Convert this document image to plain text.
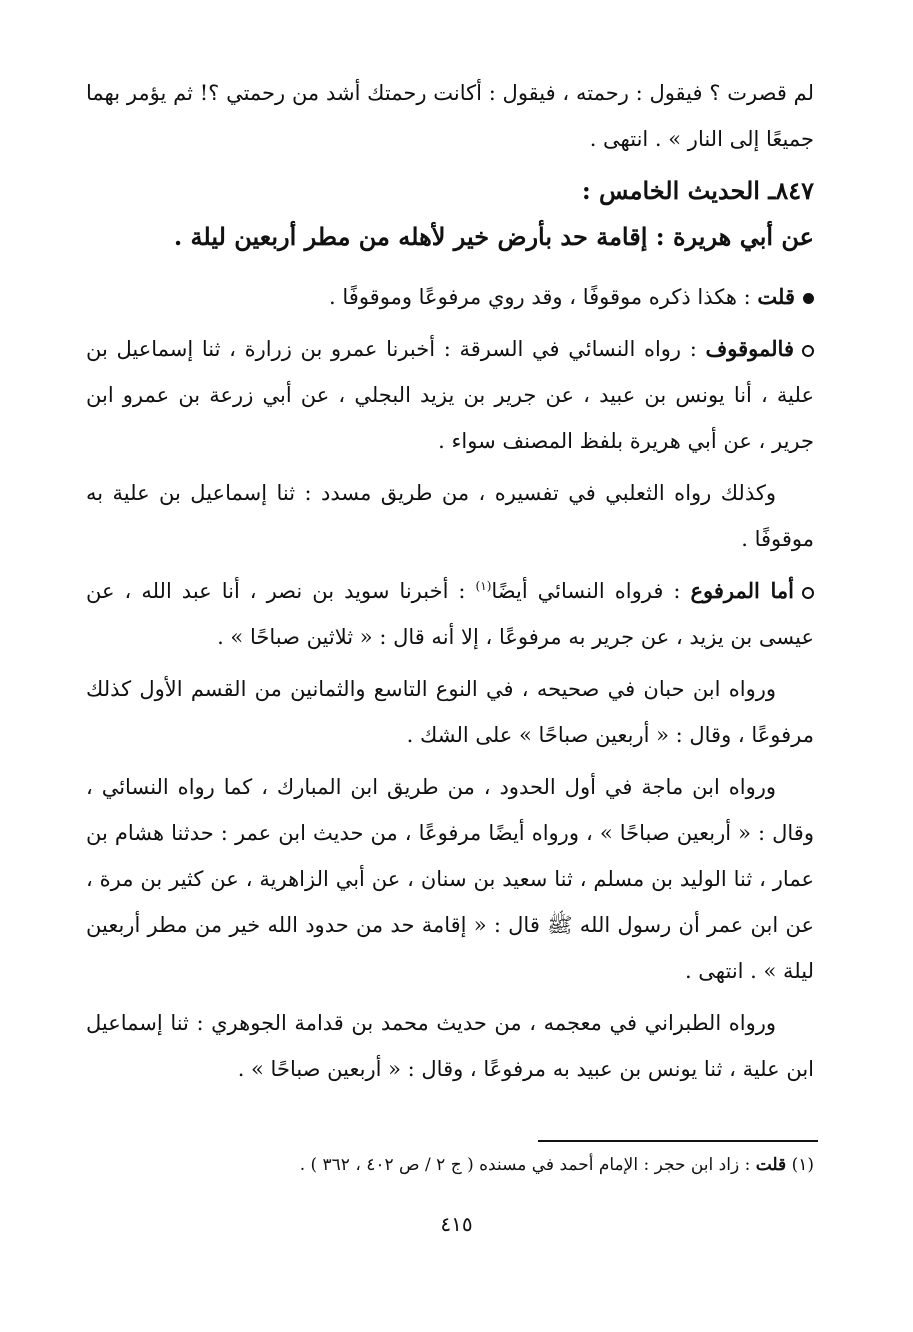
لم قصرت ؟ فيقول : رحمته ، فيقول : أكانت رحمتك أشد من رحمتي ؟! ثم يؤمر بهما جميعًا إلى النار » . انتهى .

٨٤٧ـ الحديث الخامس :
عن أبي هريرة : إقامة حد بأرض خير لأهله من مطر أربعين ليلة .

قلت : هكذا ذكره موقوفًا ، وقد روي مرفوعًا وموقوفًا .

فالموقوف : رواه النسائي في السرقة : أخبرنا عمرو بن زرارة ، ثنا إسماعيل بن علية ، أنا يونس بن عبيد ، عن جرير بن يزيد البجلي ، عن أبي زرعة بن عمرو ابن جرير ، عن أبي هريرة بلفظ المصنف سواء .

وكذلك رواه الثعلبي في تفسيره ، من طريق مسدد : ثنا إسماعيل بن علية به موقوفًا .

أما المرفوع : فرواه النسائي أيضًا$^{(١)}$ : أخبرنا سويد بن نصر ، أنا عبد الله ، عن عيسى بن يزيد ، عن جرير به مرفوعًا ، إلا أنه قال : « ثلاثين صباحًا » .

ورواه ابن حبان في صحيحه ، في النوع التاسع والثمانين من القسم الأول كذلك مرفوعًا ، وقال : « أربعين صباحًا » على الشك .

ورواه ابن ماجة في أول الحدود ، من طريق ابن المبارك ، كما رواه النسائي ، وقال : « أربعين صباحًا » ، ورواه أيضًا مرفوعًا ، من حديث ابن عمر : حدثنا هشام بن عمار ، ثنا الوليد بن مسلم ، ثنا سعيد بن سنان ، عن أبي الزاهرية ، عن كثير بن مرة ، عن ابن عمر أن رسول الله ﷺ قال : « إقامة حد من حدود الله خير من مطر أربعين ليلة » . انتهى .

ورواه الطبراني في معجمه ، من حديث محمد بن قدامة الجوهري : ثنا إسماعيل ابن علية ، ثنا يونس بن عبيد به مرفوعًا ، وقال : « أربعين صباحًا » .

(١) قلت : زاد ابن حجر : الإمام أحمد في مسنده ( ج ٢ / ص ٤٠٢ ، ٣٦٢ ) .
٤١٥
